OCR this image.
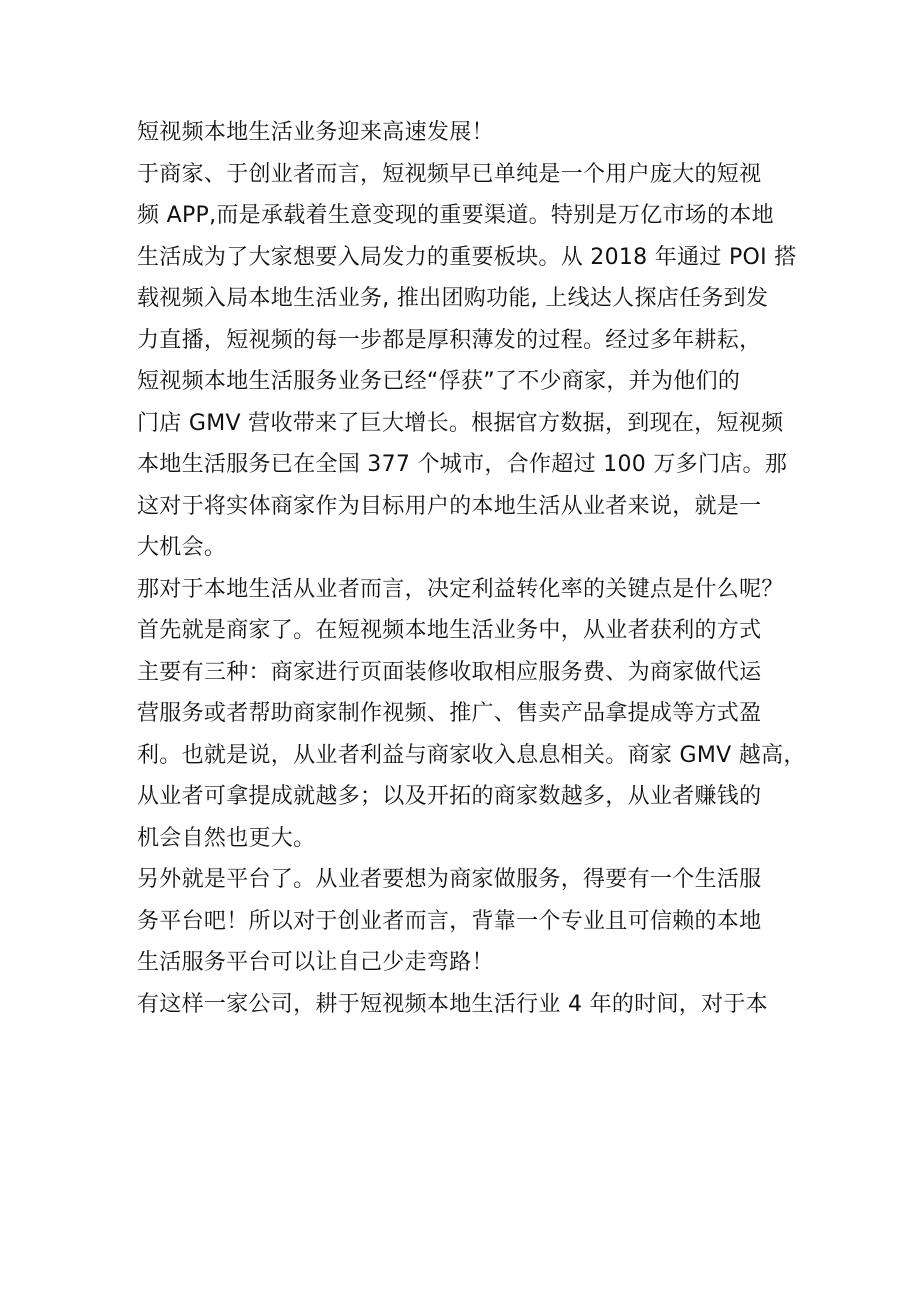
短视频本地生活业务迎来高速发展！
于商家、于创业者而言，短视频早已单纯是一个用户庞大的短视
频 APP,而是承载着生意变现的重要渠道。特别是万亿市场的本地
生活成为了大家想要入局发力的重要板块。从 2018 年通过 POI 搭
载视频入局本地生活业务, 推出团购功能, 上线达人探店任务到发
力直播，短视频的每一步都是厚积薄发的过程。经过多年耕耘，
短视频本地生活服务业务已经“俘获”了不少商家，并为他们的
门店 GMV 营收带来了巨大增长。根据官方数据，到现在，短视频
本地生活服务已在全国 377 个城市，合作超过 100 万多门店。那
这对于将实体商家作为目标用户的本地生活从业者来说，就是一
大机会。
那对于本地生活从业者而言，决定利益转化率的关键点是什么呢？
首先就是商家了。在短视频本地生活业务中，从业者获利的方式
主要有三种：商家进行页面装修收取相应服务费、为商家做代运
营服务或者帮助商家制作视频、推广、售卖产品拿提成等方式盈
利。也就是说，从业者利益与商家收入息息相关。商家 GMV 越高，
从业者可拿提成就越多；以及开拓的商家数越多，从业者赚钱的
机会自然也更大。
另外就是平台了。从业者要想为商家做服务，得要有一个生活服
务平台吧！所以对于创业者而言，背靠一个专业且可信赖的本地
生活服务平台可以让自己少走弯路！
有这样一家公司，耕于短视频本地生活行业 4 年的时间，对于本
